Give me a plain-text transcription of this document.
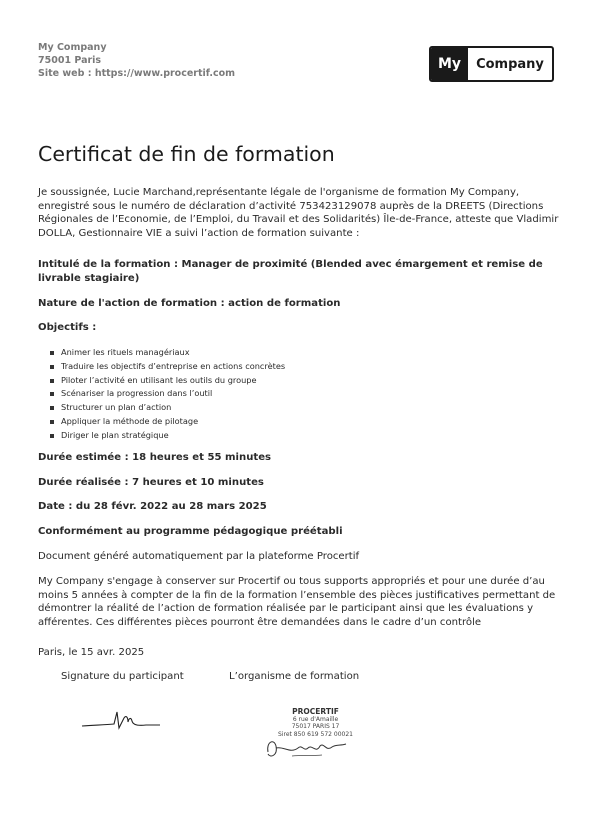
My Company
75001 Paris
Site web : https://www.procertif.com
My	Company
Certificat de fin de formation
Je soussignée, Lucie Marchand,représentante légale de l'organisme de formation My Company, enregistré sous le numéro de déclaration d’activité 753423129078 auprès de la DREETS (Directions Régionales de l’Economie, de l’Emploi, du Travail et des Solidarités) Île-de-France, atteste que Vladimir DOLLA, Gestionnaire VIE a suivi l’action de formation suivante :
Intitulé de la formation : Manager de proximité (Blended avec émargement et remise de livrable stagiaire)
Nature de l'action de formation : action de formation
Objectifs :
Animer les rituels managériaux
Traduire les objectifs d’entreprise en actions concrètes
Piloter l’activité en utilisant les outils du groupe
Scénariser la progression dans l’outil
Structurer un plan d’action
Appliquer la méthode de pilotage
Diriger le plan stratégique
Durée estimée : 18 heures et 55 minutes
Durée réalisée : 7 heures et 10 minutes
Date : du 28 févr. 2022 au 28 mars 2025
Conformément au programme pédagogique préétabli
Document généré automatiquement par la plateforme Procertif
My Company s'engage à conserver sur Procertif ou tous supports appropriés et pour une durée d’au moins 5 années à compter de la fin de la formation l’ensemble des pièces justificatives permettant de démontrer la réalité de l’action de formation réalisée par le participant ainsi que les évaluations y afférentes. Ces différentes pièces pourront être demandées dans le cadre d’un contrôle
Paris, le 15 avr. 2025
Signature du participant	L’organisme de formation
PROCERTIF
6 rue d'Amaille
75017 PARIS 17
Siret 850 619 572 00021
